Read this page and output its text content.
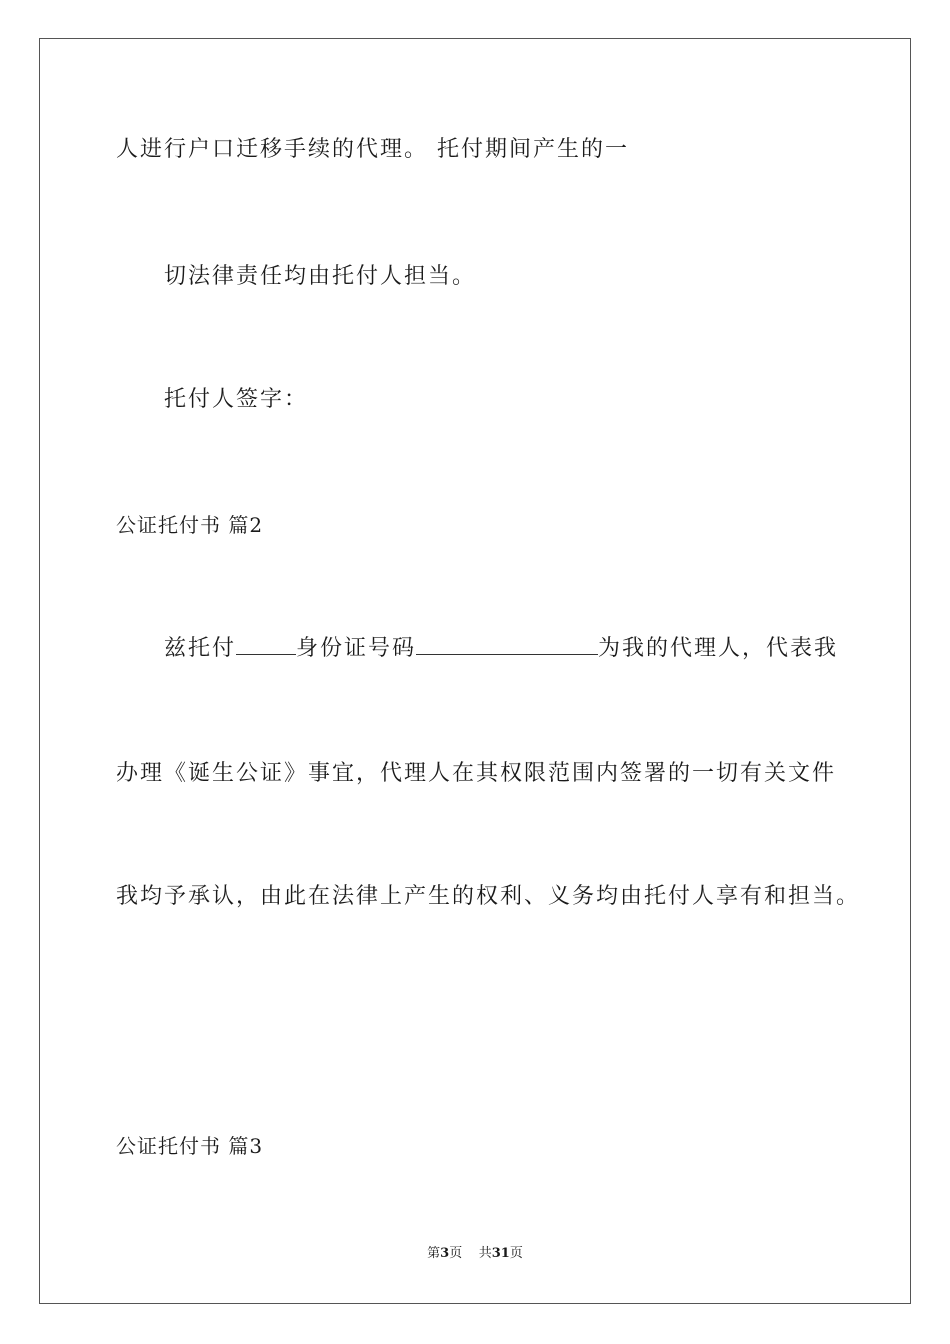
人进行户口迁移手续的代理。 托付期间产生的一
切法律责任均由托付人担当。
托付人签字：
公证托付书 篇2
兹托付	身份证号码	为我的代理人，代表我
办理《诞生公证》事宜，代理人在其权限范围内签署的一切有关文件
我均予承认，由此在法律上产生的权利、义务均由托付人享有和担当。
公证托付书 篇3
第3页 共31页
